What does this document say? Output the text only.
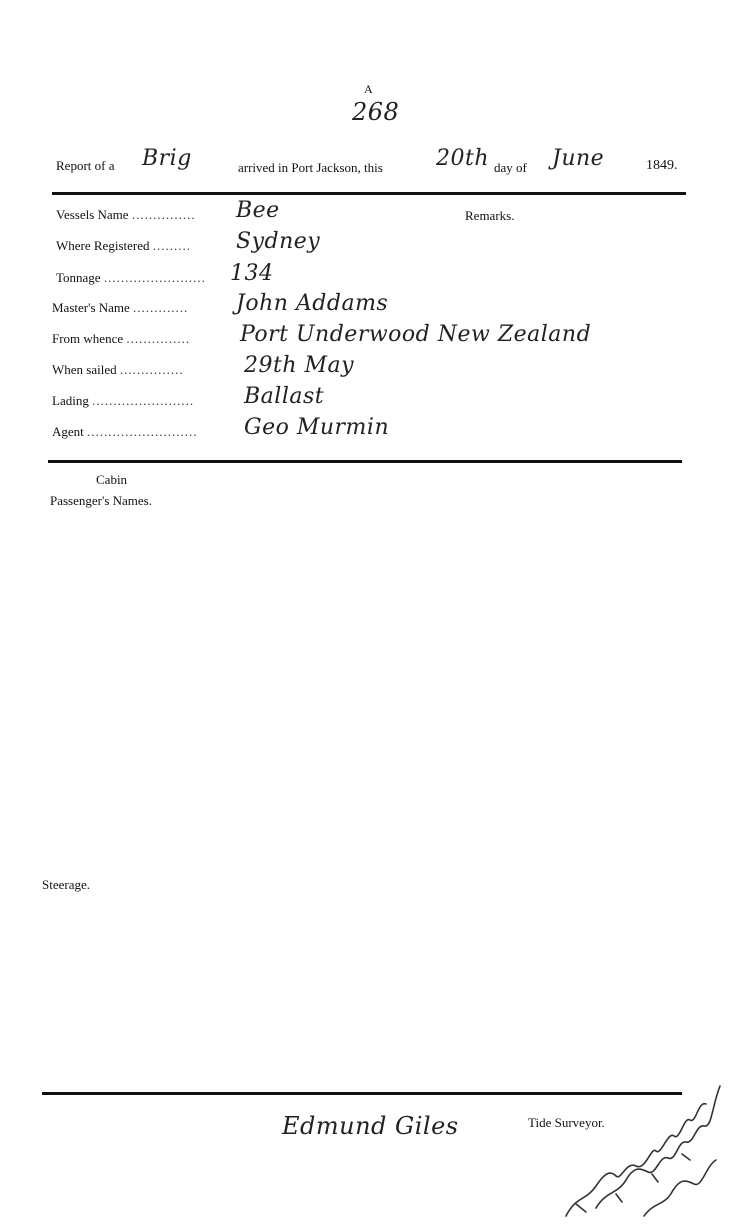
A
268
Report of a Brig	arrived in Port Jackson, this 20th day of June	1849.
Remarks.
Vessels Name ............... Bee
Where Registered ......... Sydney
Tonnage ........................ 134
Master's Name ............. John Addams
From whence ............... Port Underwood New Zealand
When sailed ...............	29th May
Lading ........................ Ballast
Agent .......................... Geo Murmin
Cabin
Passenger's Names.
Steerage.
Edmund Giles	Tide Surveyor.
